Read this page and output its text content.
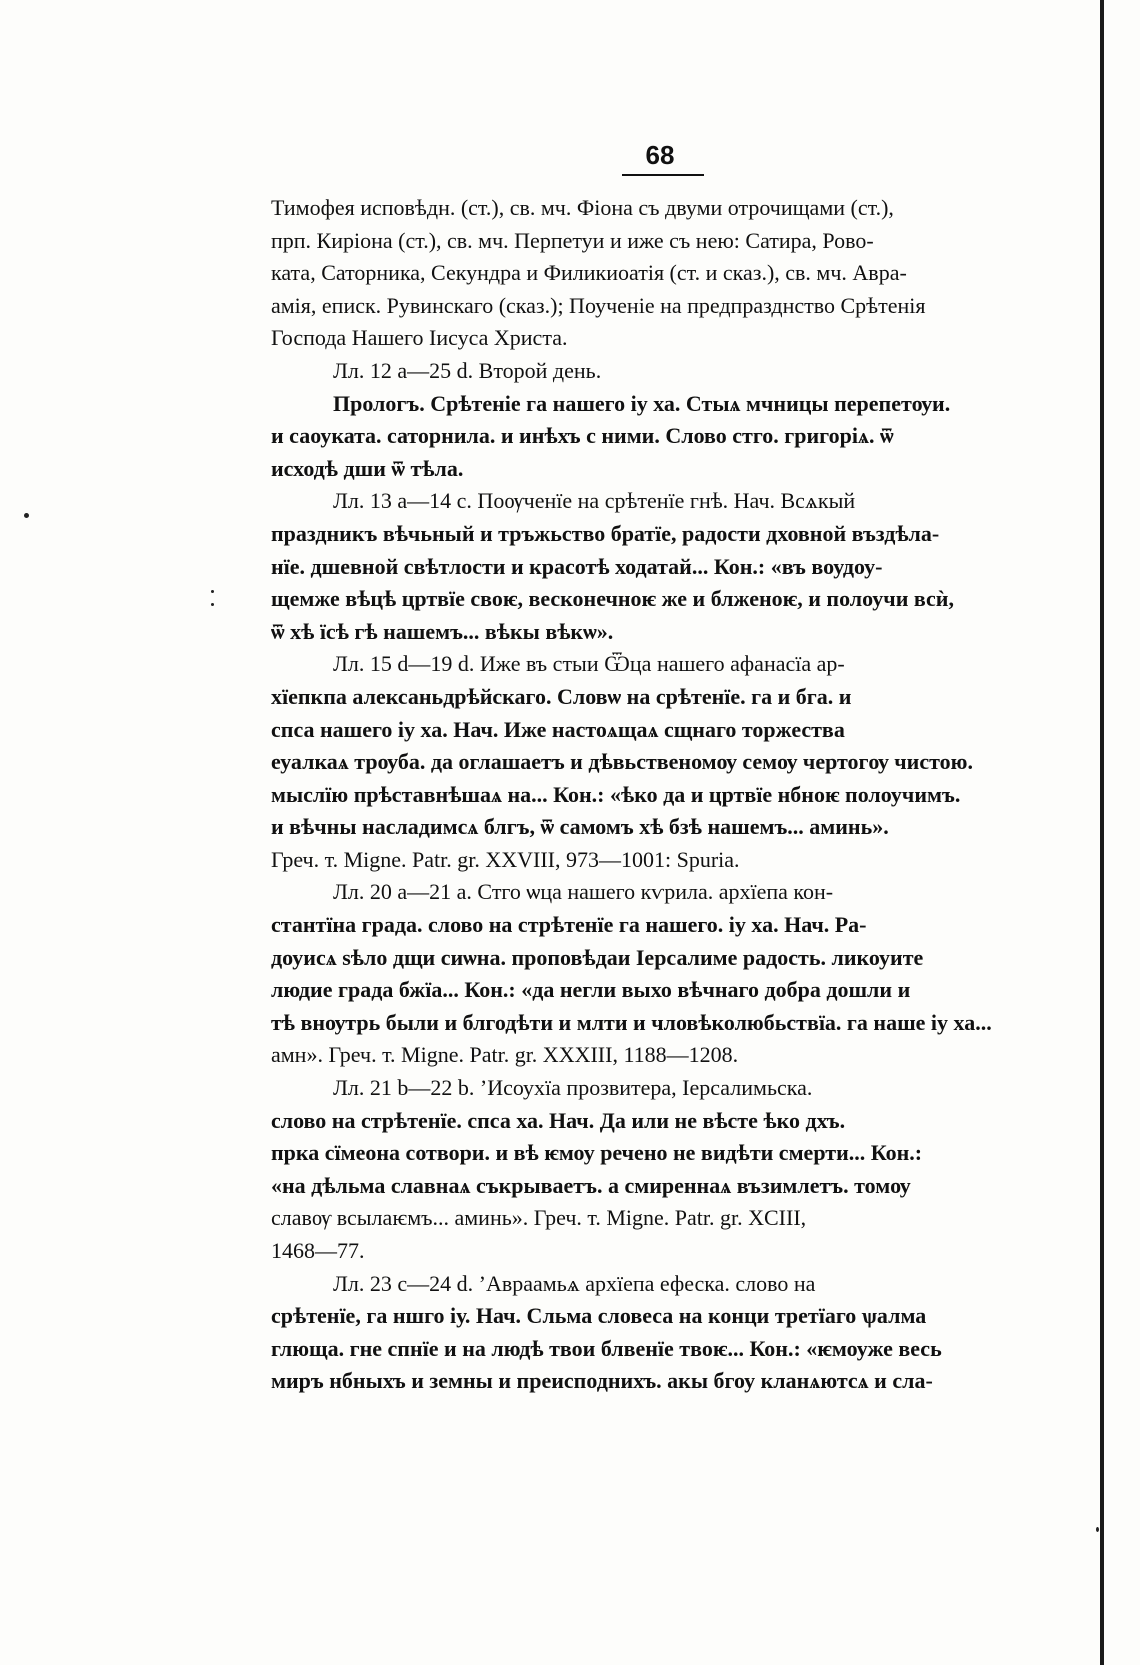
68

Тимофея исповѣдн. (ст.), св. мч. Фіона съ двуми отрочищами (ст.),
прп. Киріона (ст.), св. мч. Перпетуи и иже съ нею: Сатира, Рово-
ката, Саторника, Секундра и Филикиоатія (ст. и сказ.), св. мч. Авра-
амія, еписк. Рувинскаго (сказ.); Поученіе на предпразднство Срѣтенія
Господа Нашего Іисуса Христа.

Лл. 12 а—25 d. Второй день.

Прологъ. Срѣтеніе га нашего іу ха. Стыѧ мчницы перепетѹи.
и саоукатa. саторнила. и инѣхъ с ними. Слово стго. григоріѧ. ѿ
исходѣ дши ѿ тѣла.

Лл. 13 а—14 с. Поѹченїе на срѣтенїе гнѣ. Нач. Всѧкый
праздникъ вѣчьный и тръжьство братїе, радости дховной въздѣла-
нїе. дшевной свѣтлости и красотѣ ходатай... Кон.: «въ воудоу-
щемже вѣцѣ цртвїе своѥ, весконечноѥ же и блженоѥ, и полоучи всѝ,
ѿ хѣ їсѣ гѣ нашемъ... вѣкы вѣкѡ».

Лл. 15 d—19 d. Иже въ стыи Ѿца нашего афанасїа ар-
хїепкпа алексаньдрѣйскаго. Словѡ на срѣтенїе. га и бга. и
спса нашего іу ха. Нач. Иже настоѧщаѧ сщнаго торжества
еуалкаѧ трѹба. да оглашаетъ и дѣвьственомѹ семѹ чертогѹ чистою.
мыслїю прѣставнѣшаѧ на... Кон.: «ѣко да и цртвїе нбноѥ полоучимъ.
и вѣчны насладимсѧ блгъ, ѿ самомъ хѣ бзѣ нашемъ... аминь».
Греч. т. Migne. Patr. gr. XXVIII, 973—1001: Spuria.

Лл. 20 а—21 а. Стго ѡца нашего кѵрила. архїепа кон-
стантїна града. слово на стрѣтенїе га нашего. іу ха. Нач. Ра-
доуисѧ ѕѣло дщи сиѡна. проповѣдаи Іерсалиме радость. ликоуите
людие града бжїа... Кон.: «да негли выхо вѣчнаго добра дошли и
тѣ внѹтрь были и блгодѣти и млти и чловѣколюбьствїа. га наше іу ха...
амн». Греч. т. Migne. Patr. gr. XXXIII, 1188—1208.

Лл. 21 b—22 b. ’Исоухїа прозвитера, Іерсалимьска.
слово на стрѣтенїе. спса ха. Нач. Да или не вѣсте ѣко дхъ.
прка сїмеона сотвори. и вѣ ѥмоу речено не видѣти смерти... Кон.:
«на дѣльма славнаѧ съкрываетъ. а смиреннаѧ възимлетъ. томѹ
славѹ всылаѥмъ... аминь». Греч. т. Migne. Patr. gr. XCIII,
1468—77.

Лл. 23 с—24 d. ’Авраамьѧ архїепа ефеска. слово на
срѣтенїе, га ншго іу. Нач. Сльма словеса на конци третїаго ѱалма
глюща. гне спнїе и на людѣ твои блвенїе твоѥ... Кон.: «ѥмоуже весь
миръ нбныхъ и земны и преисподнихъ. акы бгоу кланѧютсѧ и сла-
